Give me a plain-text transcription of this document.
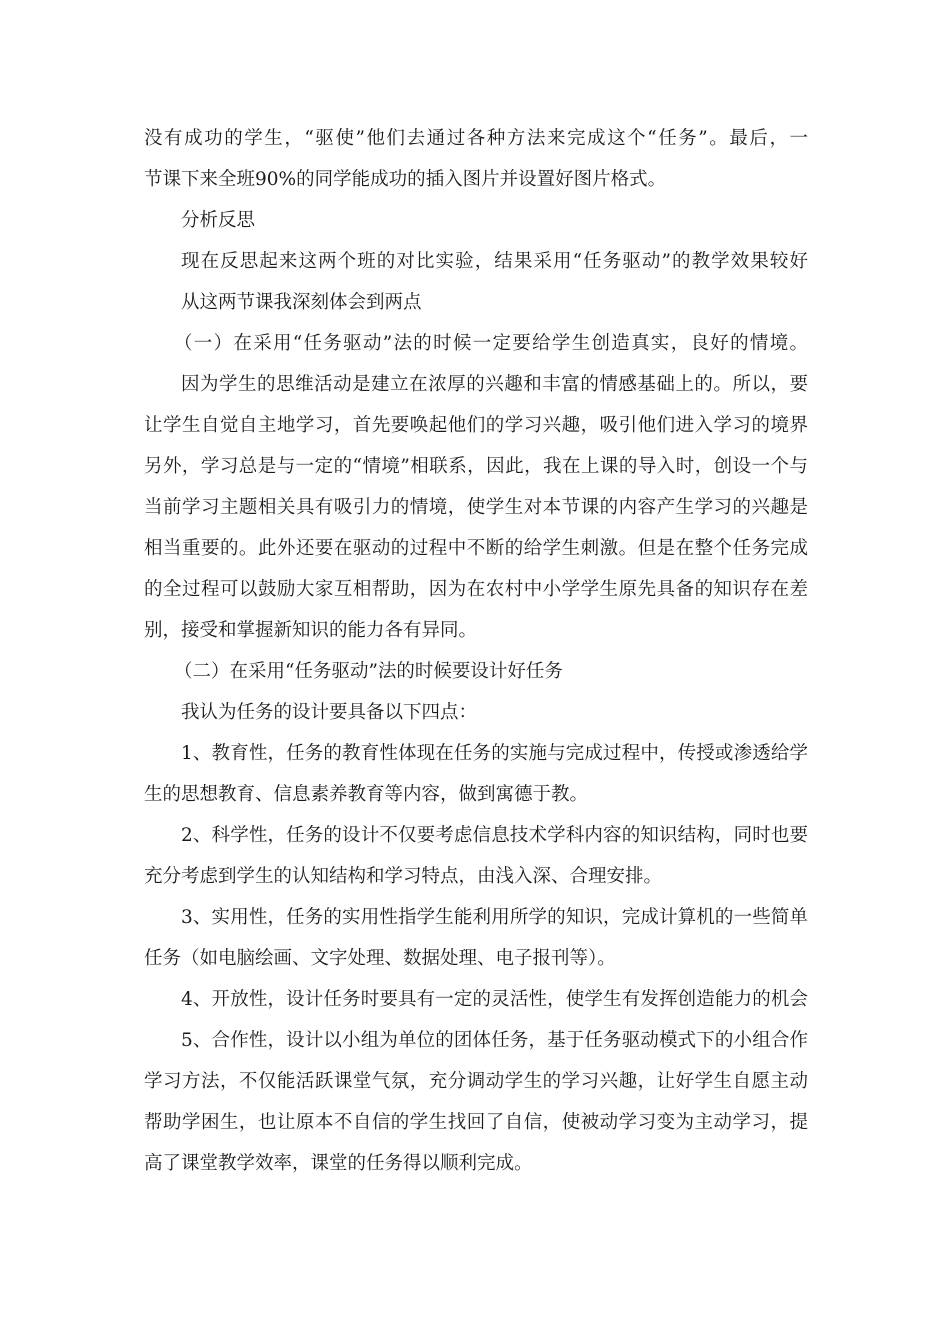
没有成功的学生，“驱使”他们去通过各种方法来完成这个“任务”。最后，一
节课下来全班90%的同学能成功的插入图片并设置好图片格式。
分析反思
现在反思起来这两个班的对比实验，结果采用“任务驱动”的教学效果较好
从这两节课我深刻体会到两点
（一）在采用“任务驱动”法的时候一定要给学生创造真实，良好的情境。
因为学生的思维活动是建立在浓厚的兴趣和丰富的情感基础上的。所以，要
让学生自觉自主地学习，首先要唤起他们的学习兴趣，吸引他们进入学习的境界
另外，学习总是与一定的“情境”相联系，因此，我在上课的导入时，创设一个与
当前学习主题相关具有吸引力的情境，使学生对本节课的内容产生学习的兴趣是
相当重要的。此外还要在驱动的过程中不断的给学生刺激。但是在整个任务完成
的全过程可以鼓励大家互相帮助，因为在农村中小学学生原先具备的知识存在差
别，接受和掌握新知识的能力各有异同。
（二）在采用“任务驱动”法的时候要设计好任务
我认为任务的设计要具备以下四点：
1、教育性，任务的教育性体现在任务的实施与完成过程中，传授或渗透给学
生的思想教育、信息素养教育等内容，做到寓德于教。
2、科学性，任务的设计不仅要考虑信息技术学科内容的知识结构，同时也要
充分考虑到学生的认知结构和学习特点，由浅入深、合理安排。
3、实用性，任务的实用性指学生能利用所学的知识，完成计算机的一些简单
任务（如电脑绘画、文字处理、数据处理、电子报刊等）。
4、开放性，设计任务时要具有一定的灵活性，使学生有发挥创造能力的机会
5、合作性，设计以小组为单位的团体任务，基于任务驱动模式下的小组合作
学习方法，不仅能活跃课堂气氛，充分调动学生的学习兴趣，让好学生自愿主动
帮助学困生，也让原本不自信的学生找回了自信，使被动学习变为主动学习，提
高了课堂教学效率，课堂的任务得以顺利完成。
